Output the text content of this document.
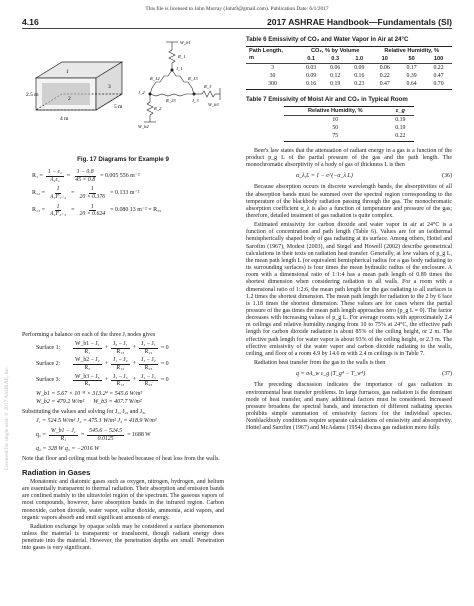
This file is licensed to John Murray (John9@gmail.com). Publication Date: 6/1/2017
Licensed for single user. © 2017 ASHRAE, Inc.
4.16	2017 ASHRAE Handbook—Fundamentals (SI)
2.5 m
4 m
5 m
1
2
3
W_b1
R_1
J_1
R_12	R_13
J_2
J_3
R_23
R_2
W_b2
R_3
W_b3
Fig. 17 Diagrams for Example 9
$R_1 = \frac{\text{1 − ε₁}}{\text{A₁ε₁}} = \frac{1 - 0.8}{45 \times 0.8} = 0.005$ 556 m⁻²
$R_{12} = \frac{1}{\text{A₁F₁₋₂}} = \frac{1}{20 \times 0.376} = 0.133$ m⁻²
$R_{13} = \frac{1}{\text{A₁F₁₋₃}} = \frac{1}{20 \times 0.624} = 0.080$ 13 m⁻² = R₂₃

Performing a balance on each of the three Jᵢ nodes gives

Surface 1:	$\frac{\text{W\_b1 − J₁}}{\text{R₁}} + \frac{\text{J₃ − J₁}}{\text{R₁₃}} + \frac{\text{J₂ − J₁}}{\text{R₁₂}} = 0$
Surface 2:	$\frac{\text{W\_b2 − J₂}}{\text{R₂}} + \frac{\text{J₁ − J₂}}{\text{R₁₂}} + \frac{\text{J₃ − J₂}}{\text{R₂₃}} = 0$
Surface 3:	$\frac{\text{W\_b3 − J₃}}{\text{R₃}} + \frac{\text{J₁ − J₃}}{\text{R₁₃}} + \frac{\text{J₂ − J₃}}{\text{R₂₃}} = 0$
W_b1 = 5.67 × 10⁻⁸ × 313.2⁴ = 545.6 W/m²
W_b2 = 479.2 W/m² W_b3 = 407.7 W/m²

Substituting the values and solving for J₁, J₂, and J₃,

J₁ = 524.5 W/m² J₂ = 475.1 W/m² J₃ = 418.9 W/m²
$q_1 = \frac{\text{W\_b1 − J₁}}{\text{R₁}} = \frac{545.6 - 524.5}{0.0125} = 1688$ W
q₂ = 328 W q₃ = −2016 W

Note that floor and ceiling must both be heated because of heat loss from the walls.

Radiation in Gases

Monatomic and diatomic gases such as oxygen, nitrogen, hydrogen, and helium are essentially transparent to thermal radiation. Their absorption and emission bands are confined mainly to the ultraviolet region of the spectrum. The gaseous vapors of most compounds, however, have absorption bands in the infrared region. Carbon monoxide, carbon dioxide, water vapor, sulfur dioxide, ammonia, acid vapors, and organic vapors absorb and emit significant amounts of energy.

Radiation exchange by opaque solids may be considered a surface phenomenon unless the material is transparent or translucent, though radiant energy does penetrate into the material. However, the penetration depths are small. Penetration into gases is very significant.

Table 6 Emissivity of CO₂ and Water Vapor in Air at 24°C
Path Length,
m	CO₂, % by Volume			Relative Humidity, %		
	0.1	0.3	1.0	10	50	100
3	0.03	0.06	0.09	0.06	0.17	0.22
30	0.09	0.12	0.16	0.22	0.39	0.47
300	0.16	0.19	0.23	0.47	0.64	0.70
Table 7 Emissivity of Moist Air and CO₂ in Typical Room
Relative Humidity, %	ε_g
10	0.19
50	0.19
75	0.22

Beer's law states that the attenuation of radiant energy in a gas is a function of the product p_g L of the partial pressure of the gas and the path length. The monochromatic absorptivity of a body of gas of thickness L is then

α_λ,L = 1 − e^(−α_λ L)	(36)

Because absorption occurs in discrete wavelength bands, the absorptivities of all the absorption bands must be summed over the spectral region corresponding to the temperature of the blackbody radiation passing through the gas. The monochromatic absorption coefficient α_λ is also a function of temperature and pressure of the gas; therefore, detailed treatment of gas radiation is quite complex.

Estimated emissivity for carbon dioxide and water vapor in air at 24°C is a function of concentration and path length (Table 6). Values are for an isothermal hemispherically shaped body of gas radiating at its surface. Among others, Hottel and Sarofim (1967), Modest (2003), and Siegel and Howell (2002) describe geometrical calculations in their texts on radiation heat transfer. Generally, at low values of p_g L, the mean path length L (or equivalent hemispherical radius for a gas body radiating to its surrounding surfaces) is four times the mean hydraulic radius of the enclosure. A room with a dimensional ratio of 1:1:4 has a mean path length of 0.89 times the shortest dimension when considering radiation to all walls. For a room with a dimensional ratio of 1:2:6, the mean path length for the gas radiating to all surfaces is 1.2 times the shortest dimension. The mean path length for radiation to the 2 by 6 face is 1.18 times the shortest dimension. These values are for cases where the partial pressure of the gas times the mean path length approaches zero (p_g L ≈ 0). The factor decreases with increasing values of p_g L. For average rooms with approximately 2.4 m ceilings and relative humidity ranging from 10 to 75% at 24°C, the effective path length for carbon dioxide radiation is about 85% of the ceiling height, or 2 m. The effective path length for water vapor is about 93% of the ceiling height, or 2.3 m. The effective emissivity of the water vapor and carbon dioxide radiating to the walls, ceiling, and floor of a room 4.9 by 14.6 m with 2.4 m ceilings is in Table 7.

Radiation heat transfer from the gas to the walls is then

q = σA_w ε_g (T_g⁴ − T_w⁴)	(37)

The preceding discussion indicates the importance of gas radiation in environmental heat transfer problems. In large furnaces, gas radiation is the dominant mode of heat transfer, and many additional factors must be considered. Increased pressure broadens the spectral bands, and interaction of different radiating species prohibits simple summation of emissivity factors for the individual species. Nonblackbody conditions require separate calculations of emissivity and absorptivity. Hottel and Sarofim (1967) and McAdams (1954) discuss gas radiation more fully.
